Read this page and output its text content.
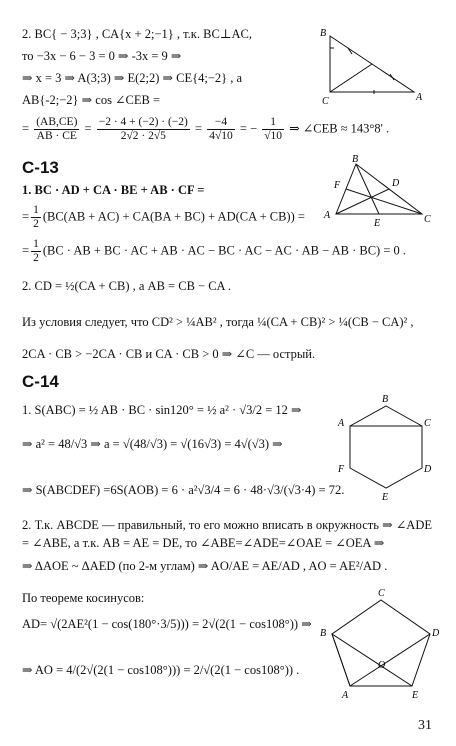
2. BC{ − 3;3} , CA{x + 2;−1} , т.к. BC⊥AC,
то −3x − 6 − 3 = 0 ⇒ -3x = 9 ⇒
⇒ x = 3 ⇒ A(3;3) ⇒ E(2;2) ⇒ CE{4;−2} , а
AB{-2;−2} ⇒ cos ∠CEB =
= $\frac{(AB,CE)}{AB \cdot CE} = \frac{-2 \cdot 4 + (-2) \cdot (-2)}{2√2 \cdot 2√5} = \frac{-4}{4√10}$ = − $\frac{1}{√10}$ ⇒ ∠CEB ≈ 143°8' .
B
C	A
С-13
1. BC · AD + CA · BE + AB · CF =
= $\frac{1}{2} (BC(AB + AC) + CA(BA + BC) + AD(CA + CB))$ =
= $\frac{1}{2} (BC$ · AB + BC · AC + AB · AC − BC · AC − AC · AB − AB · BC) = 0 .
2. CD = ½(CA + CB) , а AB = CB − CA .
Из условия следует, что CD² > ¼AB² , тогда ¼(CA + CB)² > ¼(CB − CA)² ,
2CA · CB > −2CA · CB и CA · CB > 0 ⇒ ∠C — острый.
B
F	D
A
E	C
С-14
1. S(ABC) = ½ AB · BC · sin120° = ½ a² · √3/2 = 12 ⇒
⇒ a² = 48/√3 ⇒ a = √(48/√3) = √(16√3) = 4√(√3) ⇒
⇒ S(ABCDEF) =6S(AOB) = 6 · a²√3/4 = 6 · 48·√3/(√3·4) = 72.
B
A	C
D
E
F
2. Т.к. ABCDE — правильный, то его можно вписать в окружность ⇒ ∠ADE = ∠ABE, а т.к. AB = AE = DE, то ∠ABE=∠ADE=∠OAE = ∠OEA ⇒
⇒ ΔAOE ~ ΔAED (по 2-м углам) ⇒ AO/AE = AE/AD , AO = AE²/AD .
По теореме косинусов:
AD= √(2AE²(1 − cos(180°·3/5))) = 2√(2(1 − cos108°)) ⇒
⇒ AO = 4/(2√(2(1 − cos108°))) = 2/√(2(1 − cos108°)) .
C
B	D
A	E
O
31
